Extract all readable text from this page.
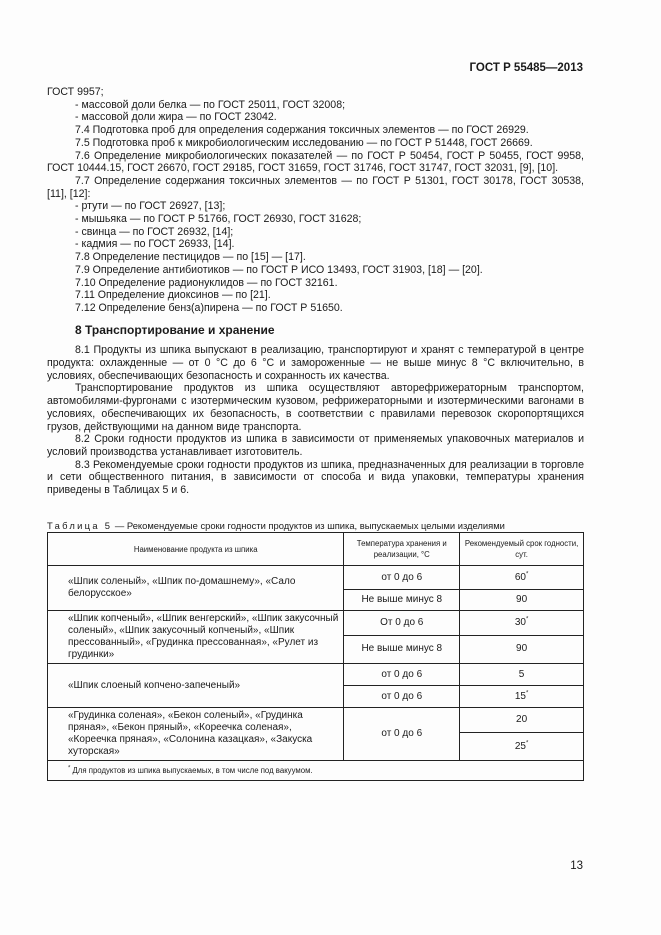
ГОСТ Р 55485—2013

ГОСТ 9957;

- массовой доли белка — по ГОСТ 25011, ГОСТ 32008;

- массовой доли жира — по ГОСТ 23042.

7.4 Подготовка проб для определения содержания токсичных элементов — по ГОСТ 26929.

7.5 Подготовка проб к микробиологическим исследованию — по ГОСТ Р 51448, ГОСТ 26669.

7.6 Определение микробиологических показателей — по ГОСТ Р 50454, ГОСТ Р 50455, ГОСТ 9958, ГОСТ 10444.15, ГОСТ 26670, ГОСТ 29185, ГОСТ 31659, ГОСТ 31746, ГОСТ 31747, ГОСТ 32031, [9], [10].

7.7 Определение содержания токсичных элементов — по ГОСТ Р 51301, ГОСТ 30178, ГОСТ 30538, [11], [12]:

- ртути — по ГОСТ 26927, [13];

- мышьяка — по ГОСТ Р 51766, ГОСТ 26930, ГОСТ 31628;

- свинца — по ГОСТ 26932, [14];

- кадмия — по ГОСТ 26933, [14].

7.8 Определение пестицидов — по [15] — [17].

7.9 Определение антибиотиков — по ГОСТ Р ИСО 13493, ГОСТ 31903, [18] — [20].

7.10 Определение радионуклидов — по ГОСТ 32161.

7.11 Определение диоксинов — по [21].

7.12 Определение бенз(а)пирена — по ГОСТ Р 51650.

8 Транспортирование и хранение

8.1 Продукты из шпика выпускают в реализацию, транспортируют и хранят с температурой в центре продукта: охлажденные — от 0 °С до 6 °С и замороженные — не выше минус 8 °С включительно, в условиях, обеспечивающих безопасность и сохранность их качества.

Транспортирование продуктов из шпика осуществляют авторефрижераторным транспортом, автомобилями-фургонами с изотермическим кузовом, рефрижераторными и изотермическими вагонами в условиях, обеспечивающих их безопасность, в соответствии с правилами перевозок скоропортящихся грузов, действующими на данном виде транспорта.

8.2 Сроки годности продуктов из шпика в зависимости от применяемых упаковочных материалов и условий производства устанавливает изготовитель.

8.3 Рекомендуемые сроки годности продуктов из шпика, предназначенных для реализации в торговле и сети общественного питания, в зависимости от способа и вида упаковки, температуры хранения приведены в Таблицах 5 и 6.

Таблица 5 — Рекомендуемые сроки годности продуктов из шпика, выпускаемых целыми изделиями
Наименование продукта из шпика	Температура хранения и реализации, °С	Рекомендуемый срок годности, сут.
«Шпик соленый», «Шпик по-домашнему», «Сало белорусское»	от 0 до 6	60*
	Не выше минус 8	90
«Шпик копченый», «Шпик венгерский», «Шпик закусочный соленый», «Шпик закусочный копченый», «Шпик прессованный», «Грудинка прессованная», «Рулет из грудинки»	От 0 до 6	30*
	Не выше минус 8	90
«Шпик слоеный копчено-запеченый»	от 0 до 6	5
	от 0 до 6	15*
«Грудинка соленая», «Бекон соленый», «Грудинка пряная», «Бекон пряный», «Корeечка соленая», «Корeечка пряная», «Солонина казацкая», «Закуска хуторская»	от 0 до 6	20
		25*
* Для продуктов из шпика выпускаемых, в том числе под вакуумом.		
13
